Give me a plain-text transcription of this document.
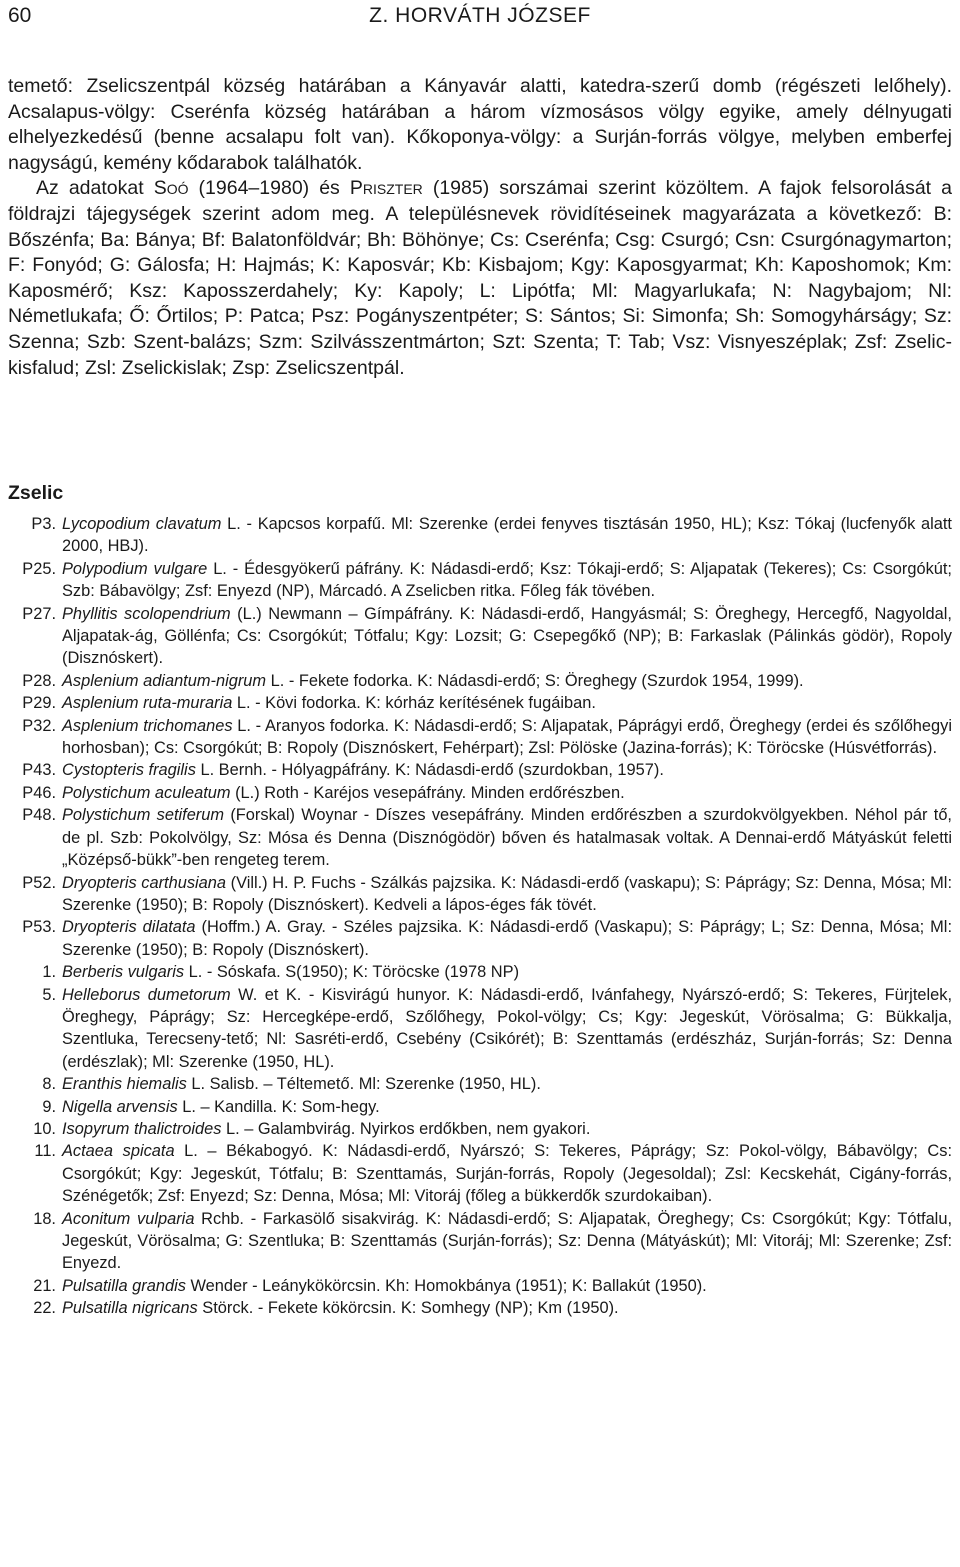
60	Z. HORVÁTH JÓZSEF

temető: Zselicszentpál község határában a Kányavár alatti, katedra-szerű domb (régészeti lelőhely). Acsalapus-völgy: Cserénfa község határában a három vízmosásos völgy egyike, amely délnyugati elhelyezkedésű (benne acsalapu folt van). Kőkoponya-völgy: a Surján-forrás völgye, melyben emberfej nagyságú, kemény kődarabok találhatók.

Az adatokat Soó (1964–1980) és Priszter (1985) sorszámai szerint közöltem. A fajok felsorolását a földrajzi tájegységek szerint adom meg. A településnevek rövidítéseinek magyarázata a következő: B: Bőszénfa; Ba: Bánya; Bf: Balatonföldvár; Bh: Böhönye; Cs: Cserénfa; Csg: Csurgó; Csn: Csurgónagymarton; F: Fonyód; G: Gálosfa; H: Hajmás; K: Kaposvár; Kb: Kisbajom; Kgy: Kaposgyarmat; Kh: Kaposhomok; Km: Kaposmérő; Ksz: Kaposszerdahely; Ky: Kapoly; L: Lipótfa; Ml: Magyarlukafa; N: Nagybajom; Nl: Németlukafa; Ő: Őrtilos; P: Patca; Psz: Pogányszentpéter; S: Sántos; Si: Simonfa; Sh: Somogyhárságy; Sz: Szenna; Szb: Szent-balázs; Szm: Szilvásszentmárton; Szt: Szenta; T: Tab; Vsz: Visnyeszéplak; Zsf: Zselic-kisfalud; Zsl: Zselickislak; Zsp: Zselicszentpál.

Zselic
P3. Lycopodium clavatum L. - Kapcsos korpafű. Ml: Szerenke (erdei fenyves tisztásán 1950, HL); Ksz: Tókaj (lucfenyők alatt 2000, HBJ).
P25. Polypodium vulgare L. - Édesgyökerű páfrány. K: Nádasdi-erdő; Ksz: Tókaji-erdő; S: Aljapatak (Tekeres); Cs: Csorgókút; Szb: Bábavölgy; Zsf: Enyezd (NP), Márcadó. A Zselicben ritka. Főleg fák tövében.
P27. Phyllitis scolopendrium (L.) Newmann – Gímpáfrány. K: Nádasdi-erdő, Hangyásmál; S: Öreghegy, Hercegfő, Nagyoldal, Aljapatak-ág, Göllénfa; Cs: Csorgókút; Tótfalu; Kgy: Lozsit; G: Csepegőkő (NP); B: Farkaslak (Pálinkás gödör), Ropoly (Disznóskert).
P28. Asplenium adiantum-nigrum L. - Fekete fodorka. K: Nádasdi-erdő; S: Öreghegy (Szurdok 1954, 1999).
P29. Asplenium ruta-muraria L. - Kövi fodorka. K: kórház kerítésének fugáiban.
P32. Asplenium trichomanes L. - Aranyos fodorka. K: Nádasdi-erdő; S: Aljapatak, Páprágyi erdő, Öreghegy (erdei és szőlőhegyi horhosban); Cs: Csorgókút; B: Ropoly (Disznóskert, Fehérpart); Zsl: Pölöske (Jazina-forrás); K: Töröcske (Húsvétforrás).
P43. Cystopteris fragilis L. Bernh. - Hólyagpáfrány. K: Nádasdi-erdő (szurdokban, 1957).
P46. Polystichum aculeatum (L.) Roth - Karéjos vesepáfrány. Minden erdőrészben.
P48. Polystichum setiferum (Forskal) Woynar - Díszes vesepáfrány. Minden erdőrészben a szurdokvölgyekben. Néhol pár tő, de pl. Szb: Pokolvölgy, Sz: Mósa és Denna (Disznógödör) bőven és hatalmasak voltak. A Dennai-erdő Mátyáskút feletti „Középső-bükk”-ben rengeteg terem.
P52. Dryopteris carthusiana (Vill.) H. P. Fuchs - Szálkás pajzsika. K: Nádasdi-erdő (vaskapu); S: Páprágy; Sz: Denna, Mósa; Ml: Szerenke (1950); B: Ropoly (Disznóskert). Kedveli a lápos-éges fák tövét.
P53. Dryopteris dilatata (Hoffm.) A. Gray. - Széles pajzsika. K: Nádasdi-erdő (Vaskapu); S: Páprágy; L; Sz: Denna, Mósa; Ml: Szerenke (1950); B: Ropoly (Disznóskert).
1. Berberis vulgaris L. - Sóskafa. S(1950); K: Töröcske (1978 NP)
5. Helleborus dumetorum W. et K. - Kisvirágú hunyor. K: Nádasdi-erdő, Ivánfahegy, Nyárszó-erdő; S: Tekeres, Fürjtelek, Öreghegy, Páprágy; Sz: Hercegképe-erdő, Szőlőhegy, Pokol-völgy; Cs; Kgy: Jegeskút, Vörösalma; G: Bükkalja, Szentluka, Terecseny-tető; Nl: Sasréti-erdő, Csebény (Csikórét); B: Szenttamás (erdészház, Surján-forrás; Sz: Denna (erdészlak); Ml: Szerenke (1950, HL).
8. Eranthis hiemalis L. Salisb. – Téltemető. Ml: Szerenke (1950, HL).
9. Nigella arvensis L. – Kandilla. K: Som-hegy.
10. Isopyrum thalictroides L. – Galambvirág. Nyirkos erdőkben, nem gyakori.
11. Actaea spicata L. – Békabogyó. K: Nádasdi-erdő, Nyárszó; S: Tekeres, Páprágy; Sz: Pokol-völgy, Bábavölgy; Cs: Csorgókút; Kgy: Jegeskút, Tótfalu; B: Szenttamás, Surján-forrás, Ropoly (Jegesoldal); Zsl: Kecskehát, Cigány-forrás, Szénégetők; Zsf: Enyezd; Sz: Denna, Mósa; Ml: Vitoráj (főleg a bükkerdők szurdokaiban).
18. Aconitum vulparia Rchb. - Farkasölő sisakvirág. K: Nádasdi-erdő; S: Aljapatak, Öreghegy; Cs: Csorgókút; Kgy: Tótfalu, Jegeskút, Vörösalma; G: Szentluka; B: Szenttamás (Surján-forrás); Sz: Denna (Mátyáskút); Ml: Vitoráj; Ml: Szerenke; Zsf: Enyezd.
21. Pulsatilla grandis Wender - Leánykökörcsin. Kh: Homokbánya (1951); K: Ballakút (1950).
22. Pulsatilla nigricans Störck. - Fekete kökörcsin. K: Somhegy (NP); Km (1950).
